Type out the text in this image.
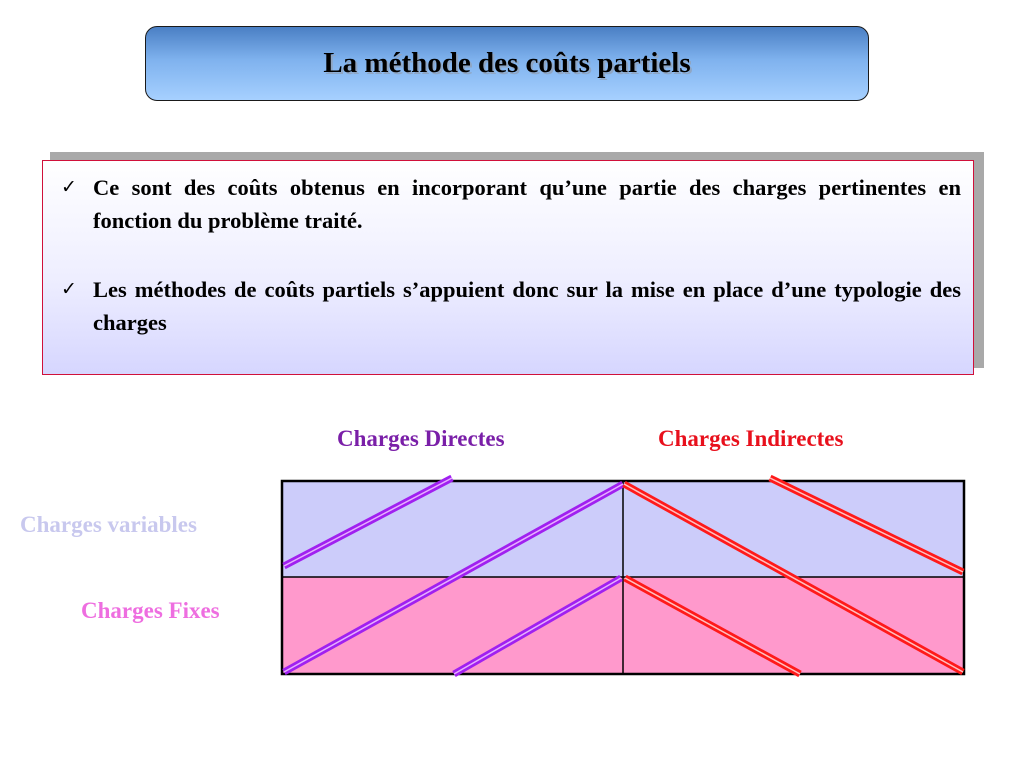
La méthode des coûts partiels
✓ Ce sont des coûts obtenus en incorporant qu’une partie des charges pertinentes en fonction du problème traité.
✓ Les méthodes de coûts partiels s’appuient donc sur la mise en place d’une typologie des charges
Charges Directes	Charges Indirectes
Charges variables
Charges Fixes
